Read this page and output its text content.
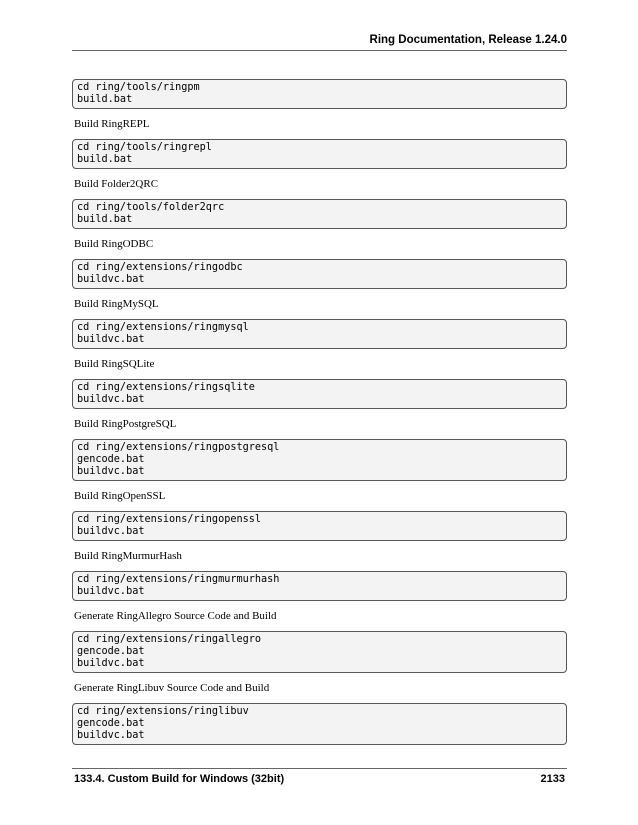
Ring Documentation, Release 1.24.0
cd ring/tools/ringpm
build.bat
Build RingREPL
cd ring/tools/ringrepl
build.bat
Build Folder2QRC
cd ring/tools/folder2qrc
build.bat
Build RingODBC
cd ring/extensions/ringodbc
buildvc.bat
Build RingMySQL
cd ring/extensions/ringmysql
buildvc.bat
Build RingSQLite
cd ring/extensions/ringsqlite
buildvc.bat
Build RingPostgreSQL
cd ring/extensions/ringpostgresql
gencode.bat
buildvc.bat
Build RingOpenSSL
cd ring/extensions/ringopenssl
buildvc.bat
Build RingMurmurHash
cd ring/extensions/ringmurmurhash
buildvc.bat
Generate RingAllegro Source Code and Build
cd ring/extensions/ringallegro
gencode.bat
buildvc.bat
Generate RingLibuv Source Code and Build
cd ring/extensions/ringlibuv
gencode.bat
buildvc.bat
133.4. Custom Build for Windows (32bit)	2133
